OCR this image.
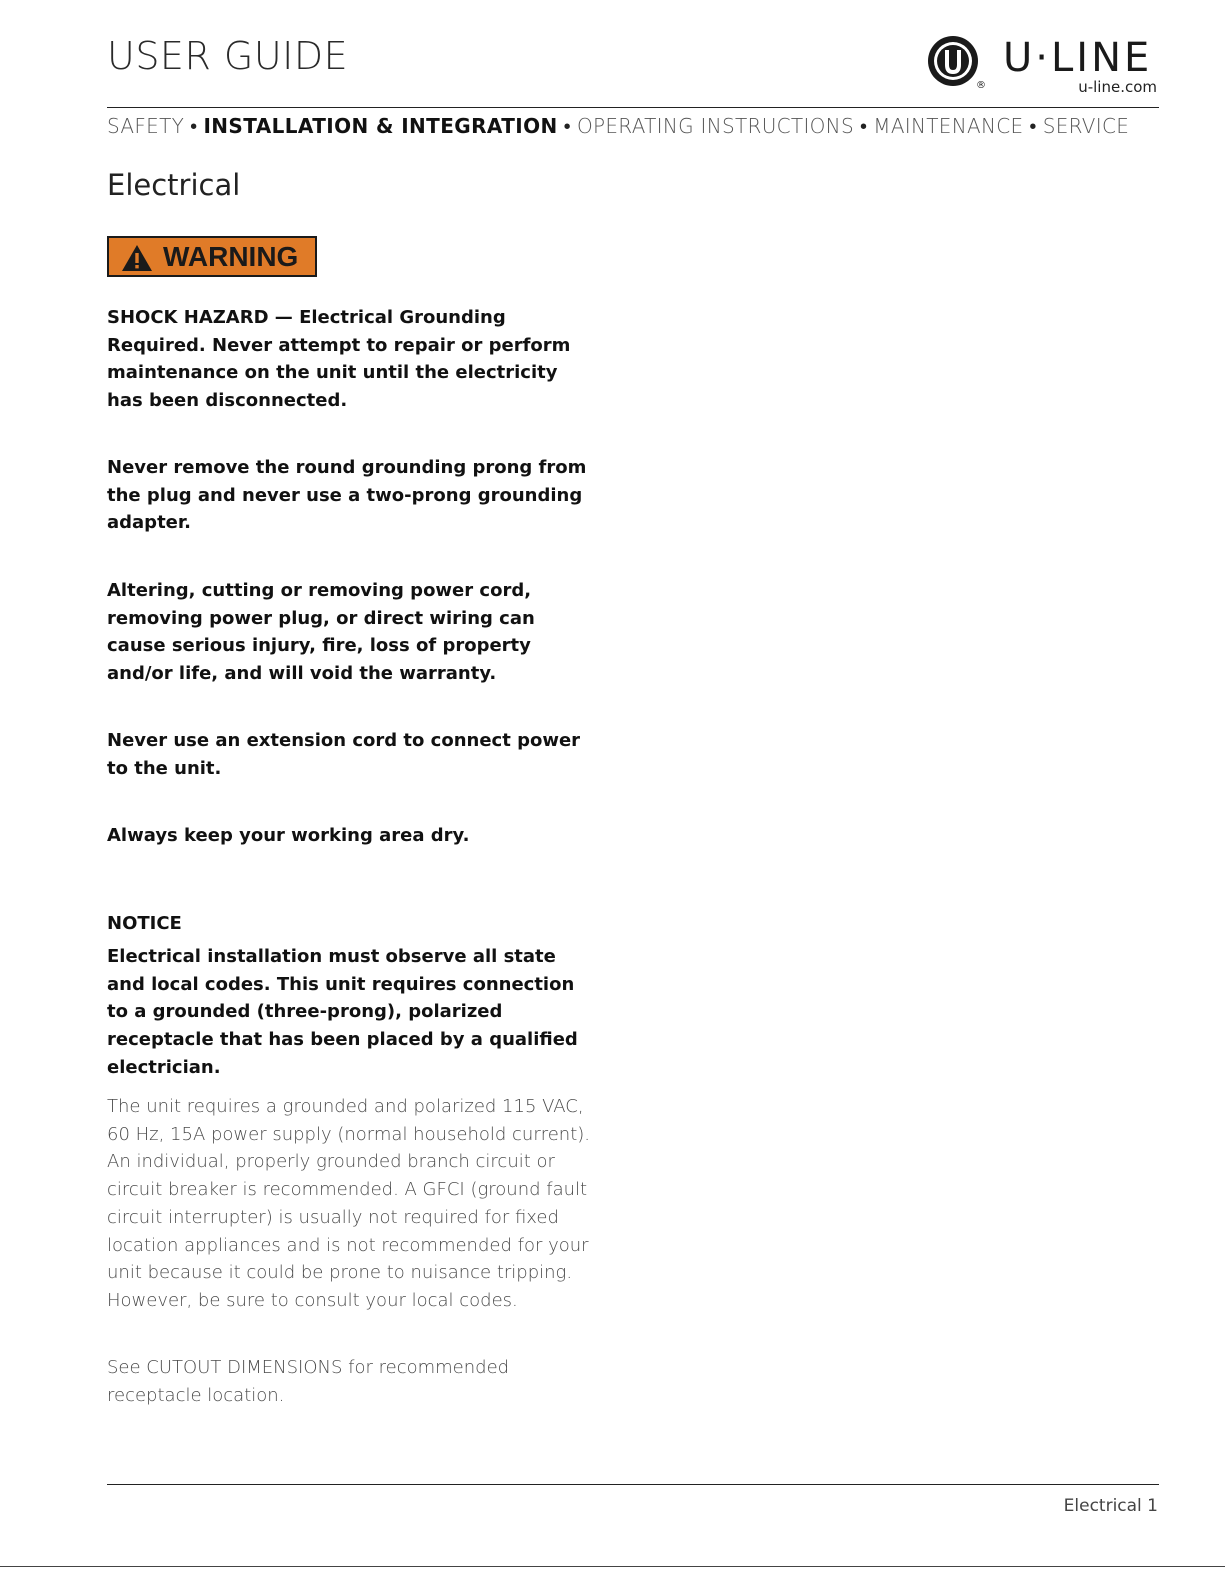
USER GUIDE
®
U·LINE
u-line.com
SAFETY • INSTALLATION & INTEGRATION • OPERATING INSTRUCTIONS • MAINTENANCE • SERVICE
Electrical
WARNING

SHOCK HAZARD — Electrical Grounding Required. Never attempt to repair or perform maintenance on the unit until the electricity has been disconnected.

Never remove the round grounding prong from the plug and never use a two-prong grounding adapter.

Altering, cutting or removing power cord, removing power plug, or direct wiring can cause serious injury, fire, loss of property and/or life, and will void the warranty.

Never use an extension cord to connect power to the unit.

Always keep your working area dry.

NOTICE

Electrical installation must observe all state and local codes. This unit requires connection to a grounded (three-prong), polarized receptacle that has been placed by a qualified electrician.

The unit requires a grounded and polarized 115 VAC, 60 Hz, 15A power supply (normal household current). An individual, properly grounded branch circuit or circuit breaker is recommended. A GFCI (ground fault circuit interrupter) is usually not required for fixed location appliances and is not recommended for your unit because it could be prone to nuisance tripping. However, be sure to consult your local codes.

See CUTOUT DIMENSIONS for recommended receptacle location.

Electrical 1
